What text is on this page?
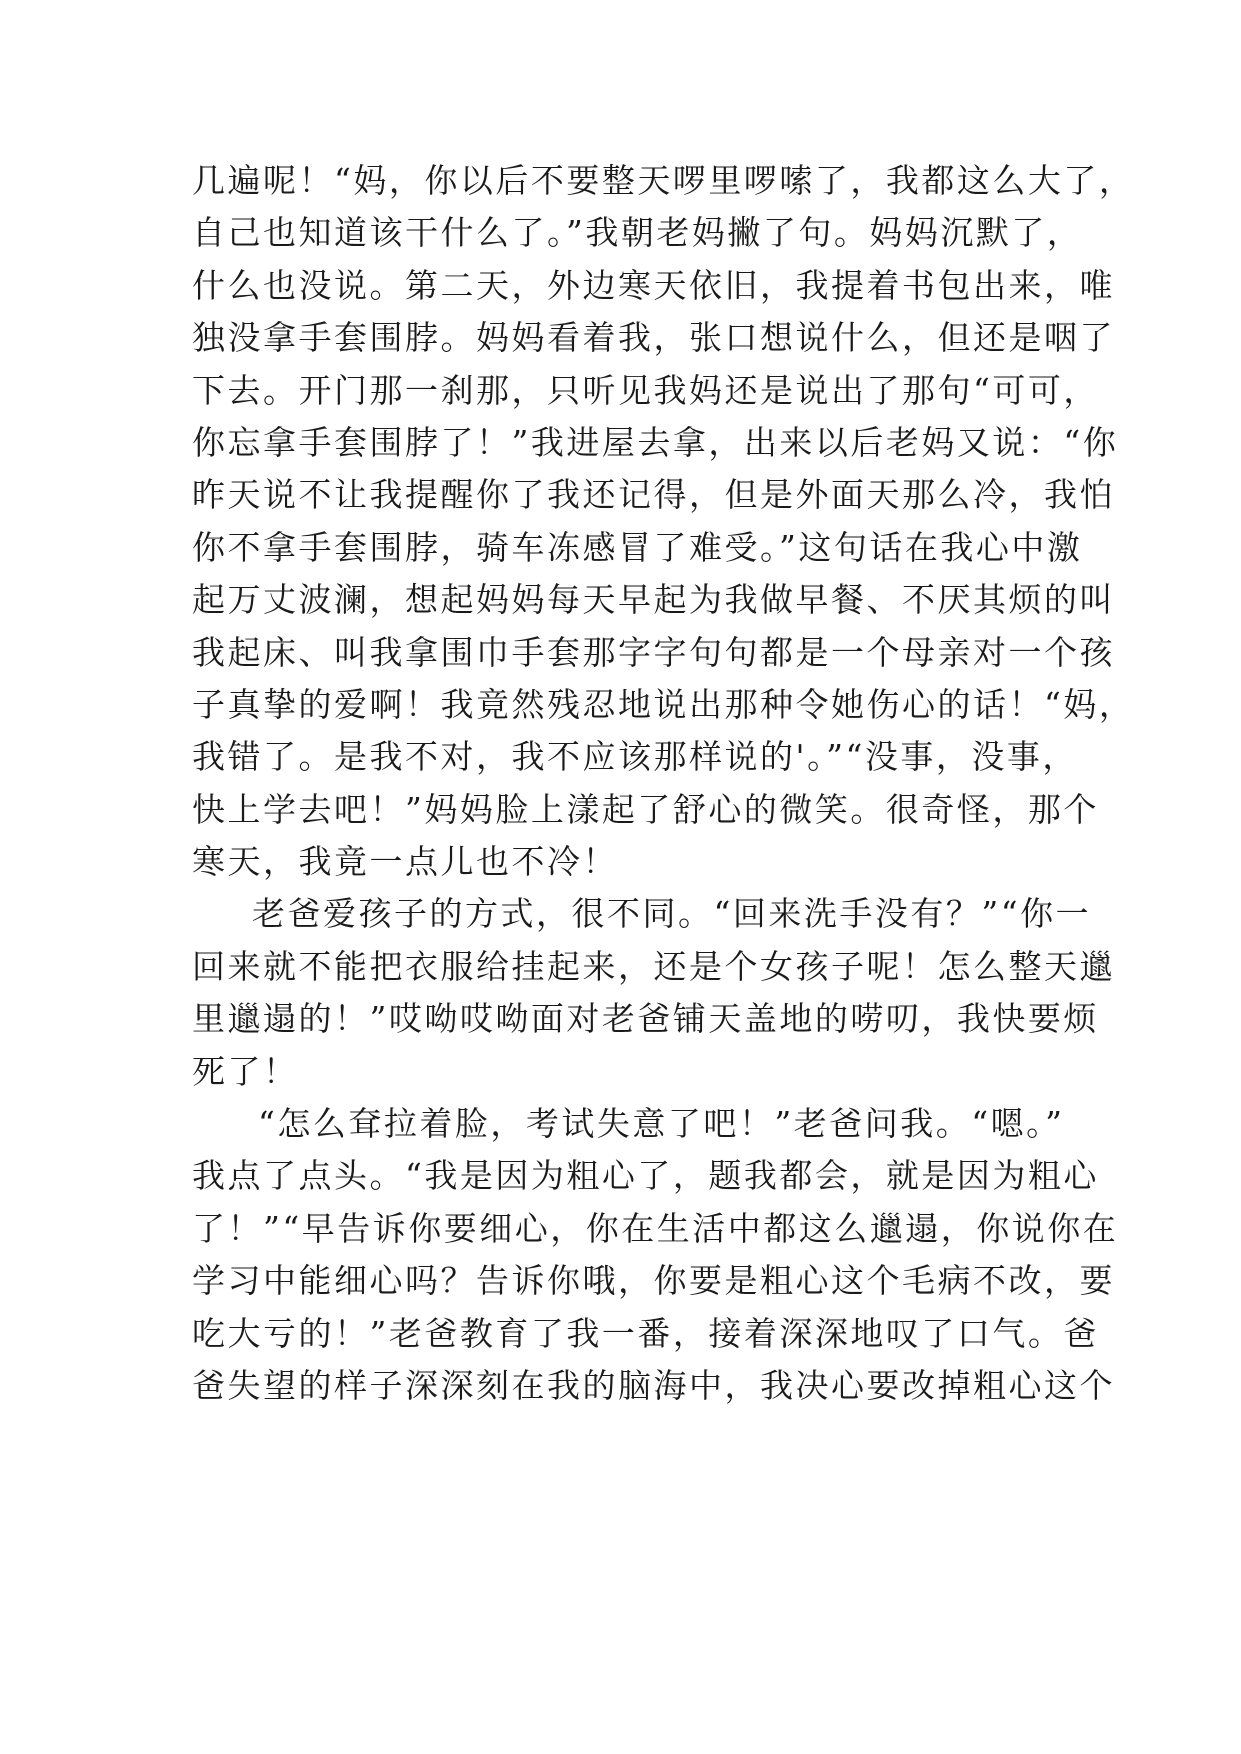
几遍呢！“妈，你以后不要整天啰里啰嗦了，我都这么大了，
自己也知道该干什么了。”我朝老妈撇了句。妈妈沉默了，
什么也没说。第二天，外边寒天依旧，我提着书包出来，唯
独没拿手套围脖。妈妈看着我，张口想说什么，但还是咽了
下去。开门那一刹那，只听见我妈还是说出了那句“可可，
你忘拿手套围脖了！”我进屋去拿，出来以后老妈又说：“你
昨天说不让我提醒你了我还记得，但是外面天那么冷，我怕
你不拿手套围脖，骑车冻感冒了难受。”这句话在我心中激
起万丈波澜，想起妈妈每天早起为我做早餐、不厌其烦的叫
我起床、叫我拿围巾手套那字字句句都是一个母亲对一个孩
子真挚的爱啊！我竟然残忍地说出那种令她伤心的话！“妈，
我错了。是我不对，我不应该那样说的'。”“没事，没事，
快上学去吧！”妈妈脸上漾起了舒心的微笑。很奇怪，那个
寒天，我竟一点儿也不冷！
老爸爱孩子的方式，很不同。“回来洗手没有？”“你一
回来就不能把衣服给挂起来，还是个女孩子呢！怎么整天邋
里邋遢的！”哎呦哎呦面对老爸铺天盖地的唠叨，我快要烦
死了！
“怎么耷拉着脸，考试失意了吧！”老爸问我。“嗯。”
我点了点头。“我是因为粗心了，题我都会，就是因为粗心
了！”“早告诉你要细心，你在生活中都这么邋遢，你说你在
学习中能细心吗？告诉你哦，你要是粗心这个毛病不改，要
吃大亏的！”老爸教育了我一番，接着深深地叹了口气。爸
爸失望的样子深深刻在我的脑海中，我决心要改掉粗心这个
